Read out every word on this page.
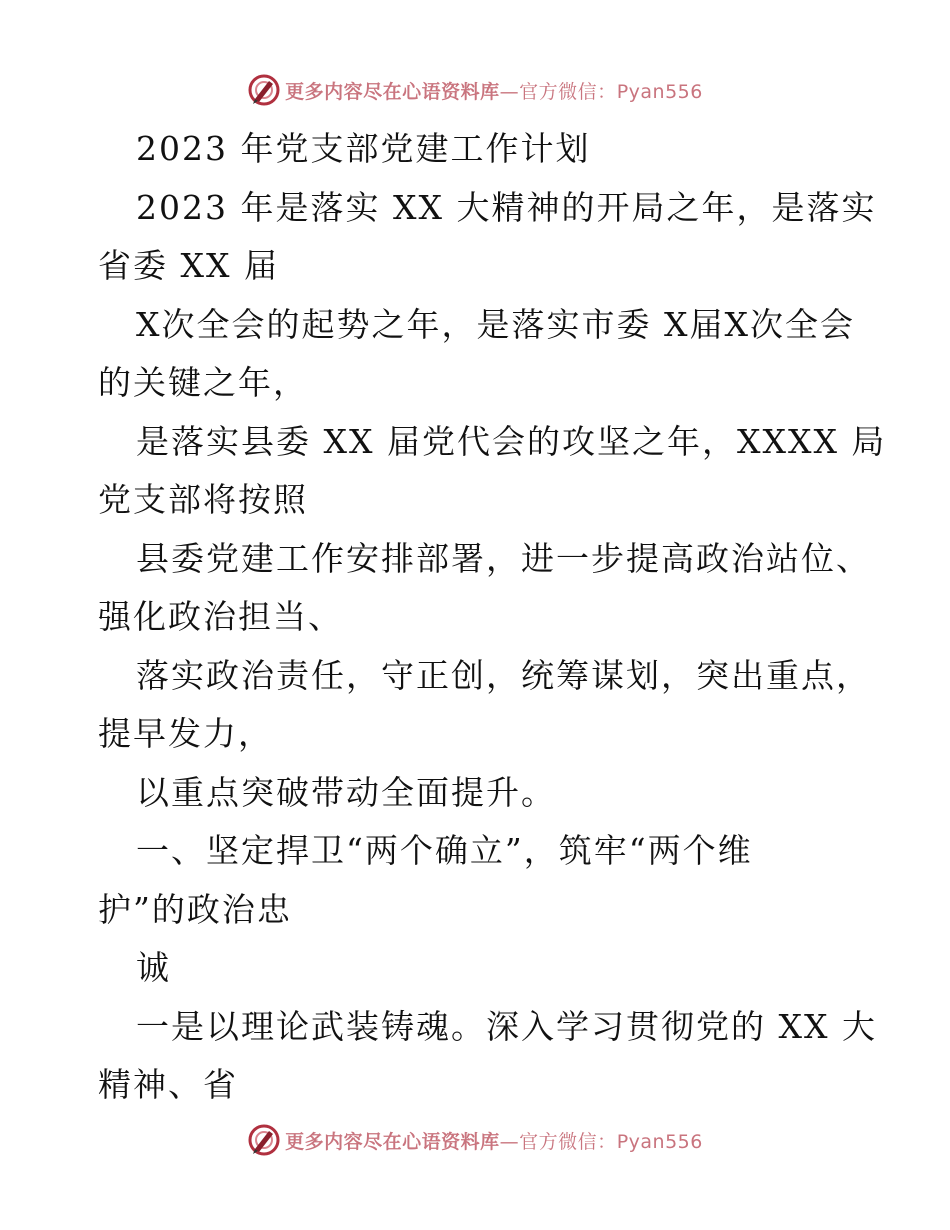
更多内容尽在心语资料库—官方微信：Pyan556
2023 年党支部党建工作计划
2023 年是落实 XX 大精神的开局之年，是落实
省委 XX 届
X次全会的起势之年，是落实市委 X届X次全会
的关键之年，
是落实县委 XX 届党代会的攻坚之年，XXXX 局
党支部将按照
县委党建工作安排部署，进一步提高政治站位、
强化政治担当、
落实政治责任，守正创，统筹谋划，突出重点，
提早发力，
以重点突破带动全面提升。
一、坚定捍卫“两个确立”，筑牢“两个维
护”的政治忠
诚
一是以理论武装铸魂。深入学习贯彻党的 XX 大
精神、省
更多内容尽在心语资料库—官方微信：Pyan556
